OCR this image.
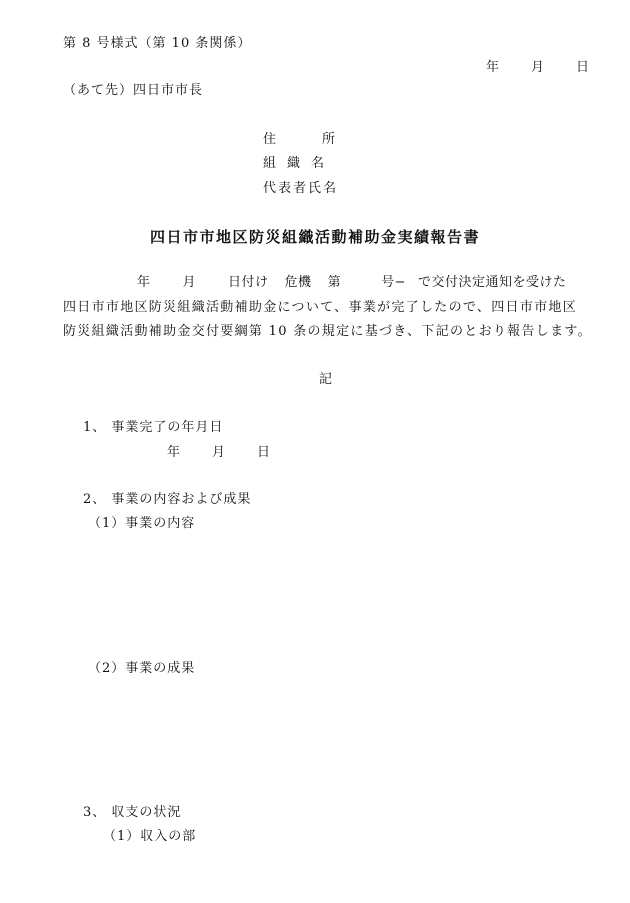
第 8 号様式（第 10 条関係）
年 月 日
（あて先）四日市市長
住	所
組 織 名
代表者氏名
四日市市地区防災組織活動補助金実績報告書
年 月 日付け 危機 第	号− で交付決定通知を受けた
四日市市地区防災組織活動補助金について、事業が完了したので、四日市市地区
防災組織活動補助金交付要綱第 10 条の規定に基づき、下記のとおり報告します。
記
1、 事業完了の年月日
年 月 日
2、 事業の内容および成果
（1）事業の内容
（2）事業の成果
3、 収支の状況
（1）収入の部
